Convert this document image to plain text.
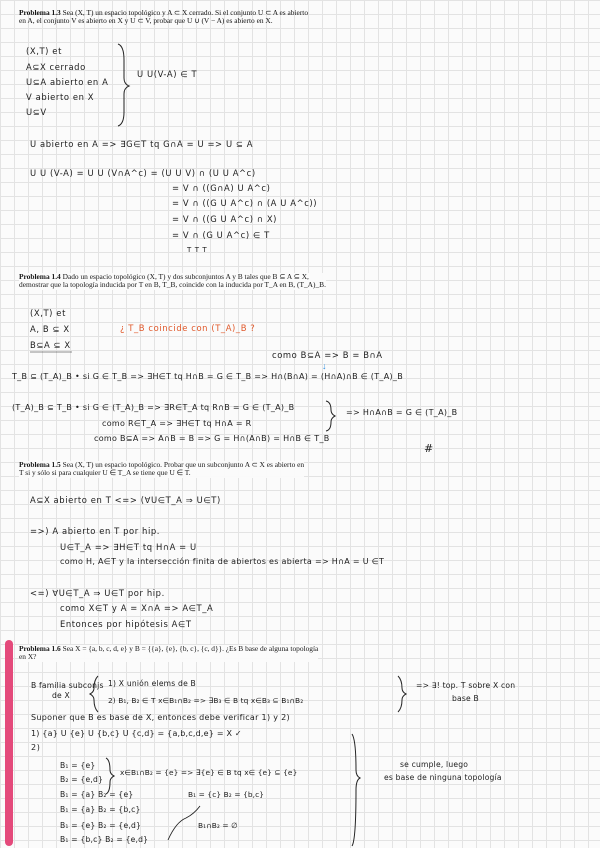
Problema 1.3 Sea (X, T) un espacio topológico y A ⊂ X cerrado. Si el conjunto U ⊂ A es abierto
en A, el conjunto V es abierto en X y U ⊂ V, probar que U ∪ (V − A) es abierto en X.
(X,T) et
A⊆X cerrado
U⊆A abierto en A
V abierto en X
U⊆V
U U(V-A) ∈ T
U abierto en A => ∃G∈T tq G∩A = U => U ⊆ A
U U (V-A) = U U (V∩A^c) = (U U V) ∩ (U U A^c)
= V ∩ ((G∩A) U A^c)
= V ∩ ((G U A^c) ∩ (A U A^c))
= V ∩ ((G U A^c) ∩ X)
= V ∩ (G U A^c) ∈ T
T T T
Problema 1.4 Dado un espacio topológico (X, T) y dos subconjuntos A y B tales que B ⊆ A ⊆ X,
demostrar que la topología inducida por T en B, T_B, coincide con la inducida por T_A en B, (T_A)_B.
(X,T) et
A, B ⊆ X
B⊆A ⊆ X
¿ T_B coincide con (T_A)_B ?
como B⊆A => B = B∩A
↓
T_B ⊆ (T_A)_B • si G ∈ T_B => ∃H∈T tq H∩B = G ∈ T_B => H∩(B∩A) = (H∩A)∩B ∈ (T_A)_B
(T_A)_B ⊆ T_B • si G ∈ (T_A)_B => ∃R∈T_A tq R∩B = G ∈ (T_A)_B
=> H∩A∩B = G ∈ (T_A)_B
como R∈T_A => ∃H∈T tq H∩A = R
como B⊆A => A∩B = B => G = H∩(A∩B) = H∩B ∈ T_B
#
Problema 1.5 Sea (X, T) un espacio topológico. Probar que un subconjunto A ⊂ X es abierto en
T si y sólo si para cualquier U ∈ T_A se tiene que U ∈ T.
A⊆X abierto en T <=> (∀U∈T_A ⇒ U∈T)
=>) A abierto en T por hip.
U∈T_A => ∃H∈T tq H∩A = U
como H, A∈T y la intersección finita de abiertos es abierta => H∩A = U ∈T
<=) ∀U∈T_A ⇒ U∈T por hip.
como X∈T y A = X∩A => A∈T_A
Entonces por hipótesis A∈T
Problema 1.6 Sea X = {a, b, c, d, e} y B = {{a}, {e}, {b, c}, {c, d}}. ¿Es B base de alguna topología
en X?
B familia subconjs
de X
1) X unión elems de B
2) B₁, B₂ ∈ T x∈B₁∩B₂ => ∃B₃ ∈ B tq x∈B₃ ⊆ B₁∩B₂
=> ∃! top. T sobre X con
base B
Suponer que B es base de X, entonces debe verificar 1) y 2)
1) {a} U {e} U {b,c} U {c,d} = {a,b,c,d,e} = X ✓
2)
B₁ = {e}
B₂ = {e,d}
x∈B₁∩B₂ = {e} => ∃{e} ∈ B tq x∈ {e} ⊆ {e}
B₁ = {a} B₂ = {e}	B₁ = {c} B₂ = {b,c}
B₁ = {a} B₂ = {b,c}
B₁ = {e} B₂ = {e,d}	B₁∩B₂ = ∅
B₁ = {b,c} B₂ = {e,d}
se cumple, luego
es base de ninguna topología
